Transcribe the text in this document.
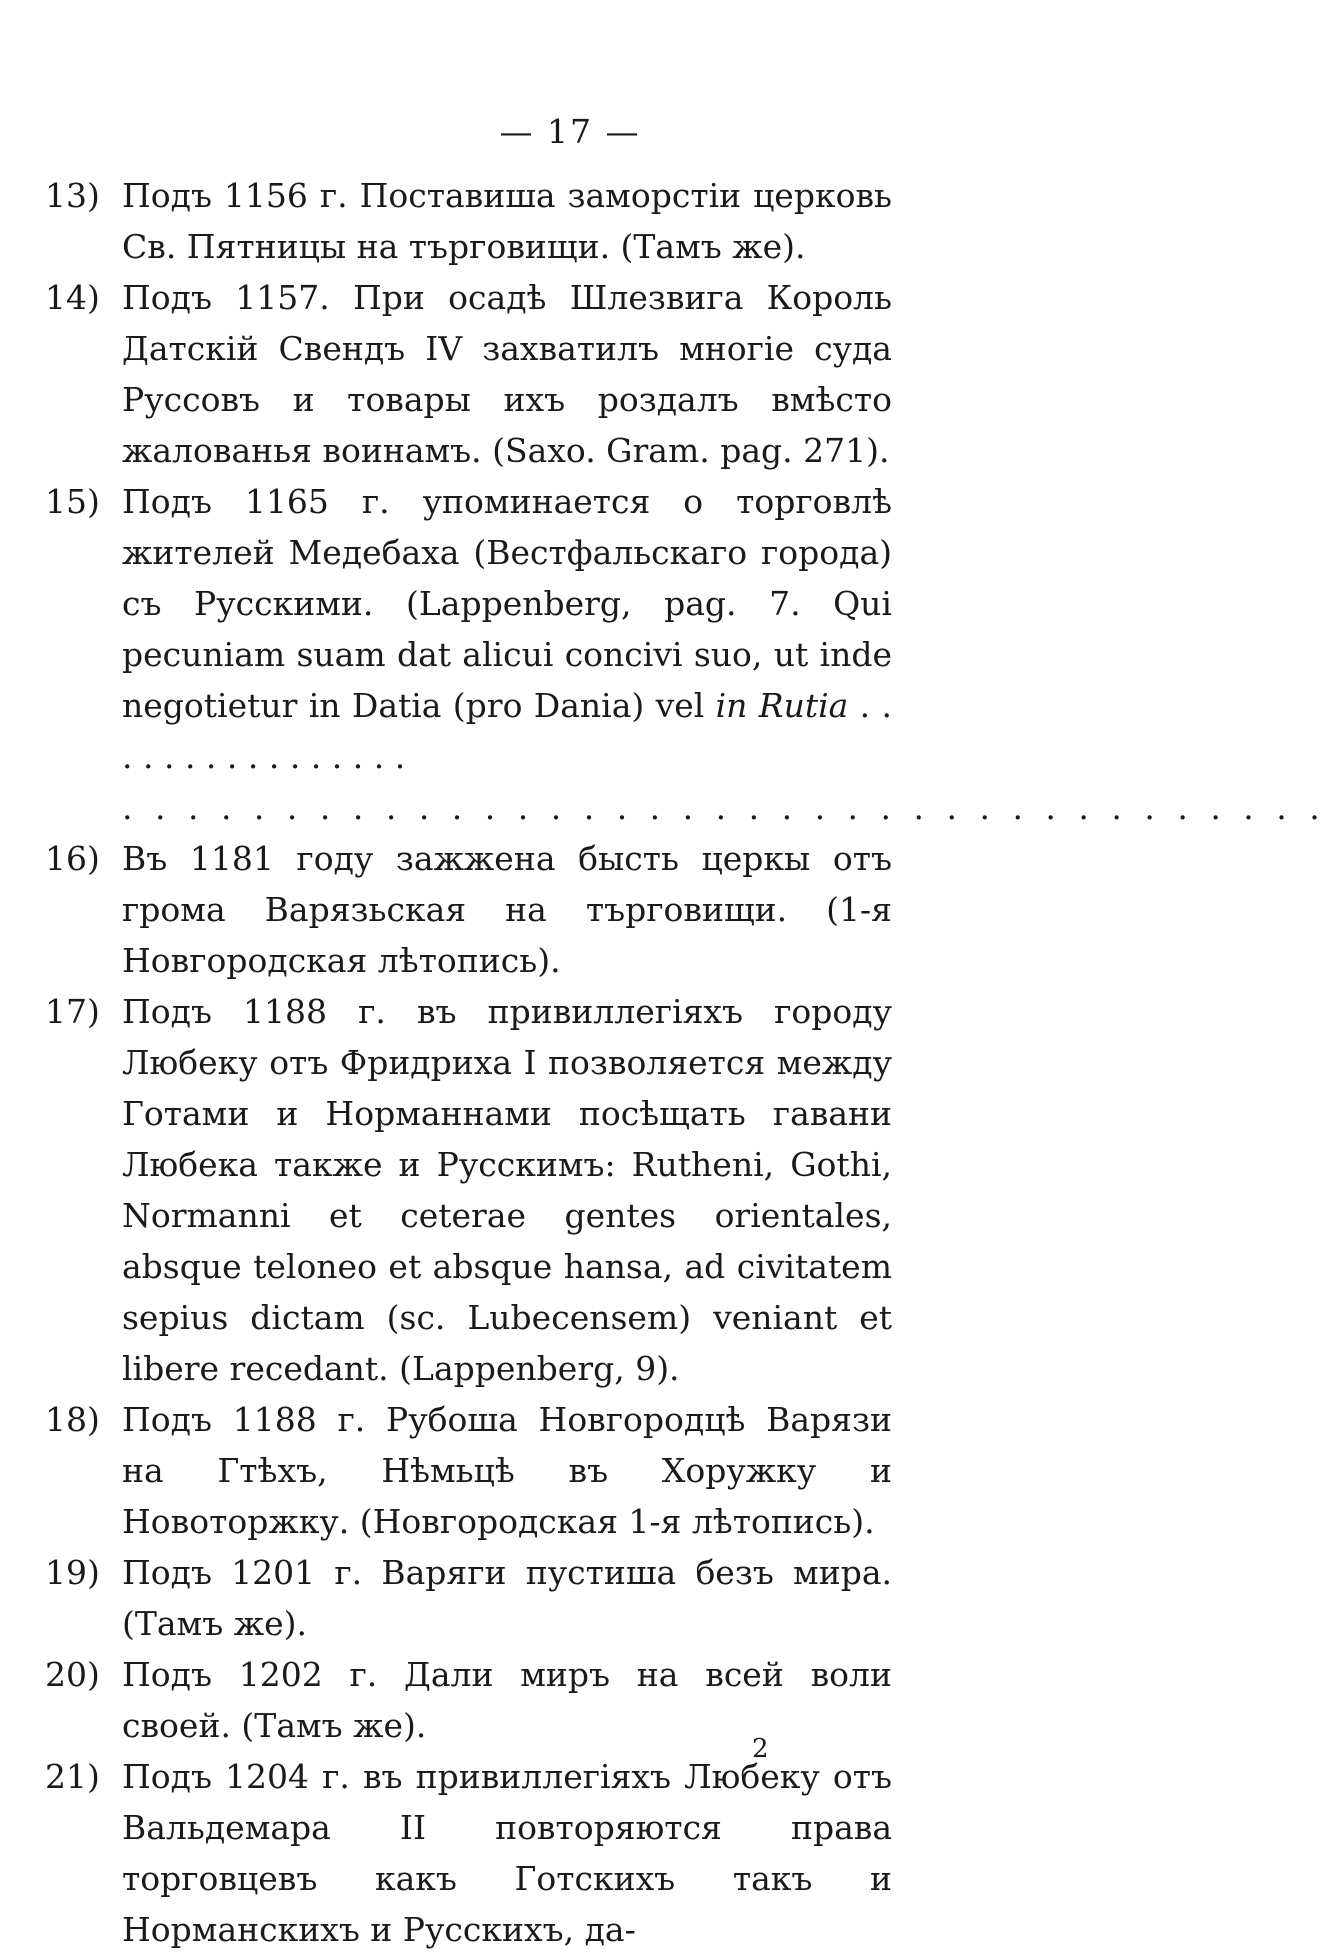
— 17 —
13) Подъ 1156 г. Поставиша заморстіи церковь Св. Пятницы на търговищи. (Тамъ же).
14) Подъ 1157. При осадѣ Шлезвига Король Датскій Свендъ IV захватилъ многіе суда Руссовъ и товары ихъ роздалъ вмѣсто жалованья воинамъ. (Saxo. Gram. pag. 271).
15) Подъ 1165 г. упоминается о торговлѣ жителей Медебаха (Вестфальскаго города) съ Русскими. (Lappenberg, pag. 7. Qui pecuniam suam dat alicui concivi suo, ut inde negotietur in Datia (pro Dania) vel in Rutia . . . . . . . . . . . . . . . .
. . . . . . . . . . . . . . . . . . . . . . . . . . . . . . . . . . . . .
16) Въ 1181 году зажжена бысть церкы отъ грома Варязьская на търговищи. (1-я Новгородская лѣтопись).
17) Подъ 1188 г. въ привиллегіяхъ городу Любеку отъ Фридриха I позволяется между Готами и Норманнами посѣщать гавани Любека также и Русскимъ: Ruthеni, Gothi, Normanni et ceterae gentes orientales, absque teloneo et absque hansa, ad civitatem sepius dictam (sc. Lubecensem) veniant et libere recedant. (Lappenberg, 9).
18) Подъ 1188 г. Рубоша Новгородцѣ Варязи на Гтѣхъ, Нѣмьцѣ въ Хоружку и Новоторжку. (Новгородская 1-я лѣтопись).
19) Подъ 1201 г. Варяги пустиша безъ мира. (Тамъ же).
20) Подъ 1202 г. Дали миръ на всей воли своей. (Тамъ же).
21) Подъ 1204 г. въ привиллегіяхъ Любеку отъ Вальдемара II повторяются права торговцевъ какъ Готскихъ такъ и Норманскихъ и Русскихъ, да-
2
